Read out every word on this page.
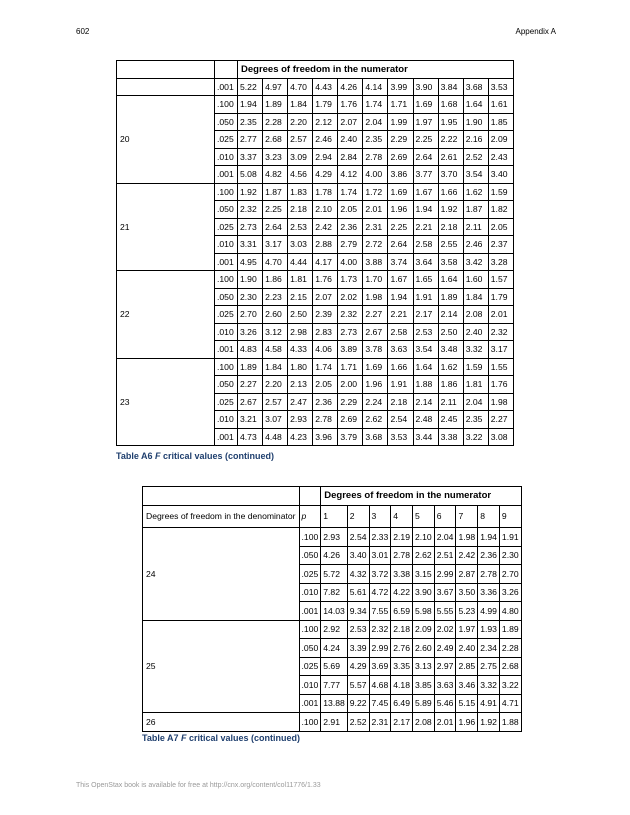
602	Appendix A
		Degrees of freedom in the numerator										
	.001	5.22	4.97	4.70	4.43	4.26	4.14	3.99	3.90	3.84	3.68	3.53
20	.100	1.94	1.89	1.84	1.79	1.76	1.74	1.71	1.69	1.68	1.64	1.61
	.050	2.35	2.28	2.20	2.12	2.07	2.04	1.99	1.97	1.95	1.90	1.85
	.025	2.77	2.68	2.57	2.46	2.40	2.35	2.29	2.25	2.22	2.16	2.09
	.010	3.37	3.23	3.09	2.94	2.84	2.78	2.69	2.64	2.61	2.52	2.43
	.001	5.08	4.82	4.56	4.29	4.12	4.00	3.86	3.77	3.70	3.54	3.40
21	.100	1.92	1.87	1.83	1.78	1.74	1.72	1.69	1.67	1.66	1.62	1.59
	.050	2.32	2.25	2.18	2.10	2.05	2.01	1.96	1.94	1.92	1.87	1.82
	.025	2.73	2.64	2.53	2.42	2.36	2.31	2.25	2.21	2.18	2.11	2.05
	.010	3.31	3.17	3.03	2.88	2.79	2.72	2.64	2.58	2.55	2.46	2.37
	.001	4.95	4.70	4.44	4.17	4.00	3.88	3.74	3.64	3.58	3.42	3.28
22	.100	1.90	1.86	1.81	1.76	1.73	1.70	1.67	1.65	1.64	1.60	1.57
	.050	2.30	2.23	2.15	2.07	2.02	1.98	1.94	1.91	1.89	1.84	1.79
	.025	2.70	2.60	2.50	2.39	2.32	2.27	2.21	2.17	2.14	2.08	2.01
	.010	3.26	3.12	2.98	2.83	2.73	2.67	2.58	2.53	2.50	2.40	2.32
	.001	4.83	4.58	4.33	4.06	3.89	3.78	3.63	3.54	3.48	3.32	3.17
23	.100	1.89	1.84	1.80	1.74	1.71	1.69	1.66	1.64	1.62	1.59	1.55
	.050	2.27	2.20	2.13	2.05	2.00	1.96	1.91	1.88	1.86	1.81	1.76
	.025	2.67	2.57	2.47	2.36	2.29	2.24	2.18	2.14	2.11	2.04	1.98
	.010	3.21	3.07	2.93	2.78	2.69	2.62	2.54	2.48	2.45	2.35	2.27
	.001	4.73	4.48	4.23	3.96	3.79	3.68	3.53	3.44	3.38	3.22	3.08
Table A6 F critical values (continued)
		Degrees of freedom in the numerator								
Degrees of freedom in the denominator	p	1	2	3	4	5	6	7	8	9
24	.100	2.93	2.54	2.33	2.19	2.10	2.04	1.98	1.94	1.91
	.050	4.26	3.40	3.01	2.78	2.62	2.51	2.42	2.36	2.30
	.025	5.72	4.32	3.72	3.38	3.15	2.99	2.87	2.78	2.70
	.010	7.82	5.61	4.72	4.22	3.90	3.67	3.50	3.36	3.26
	.001	14.03	9.34	7.55	6.59	5.98	5.55	5.23	4.99	4.80
25	.100	2.92	2.53	2.32	2.18	2.09	2.02	1.97	1.93	1.89
	.050	4.24	3.39	2.99	2.76	2.60	2.49	2.40	2.34	2.28
	.025	5.69	4.29	3.69	3.35	3.13	2.97	2.85	2.75	2.68
	.010	7.77	5.57	4.68	4.18	3.85	3.63	3.46	3.32	3.22
	.001	13.88	9.22	7.45	6.49	5.89	5.46	5.15	4.91	4.71
26	.100	2.91	2.52	2.31	2.17	2.08	2.01	1.96	1.92	1.88
Table A7 F critical values (continued)
This OpenStax book is available for free at http://cnx.org/content/col11776/1.33
